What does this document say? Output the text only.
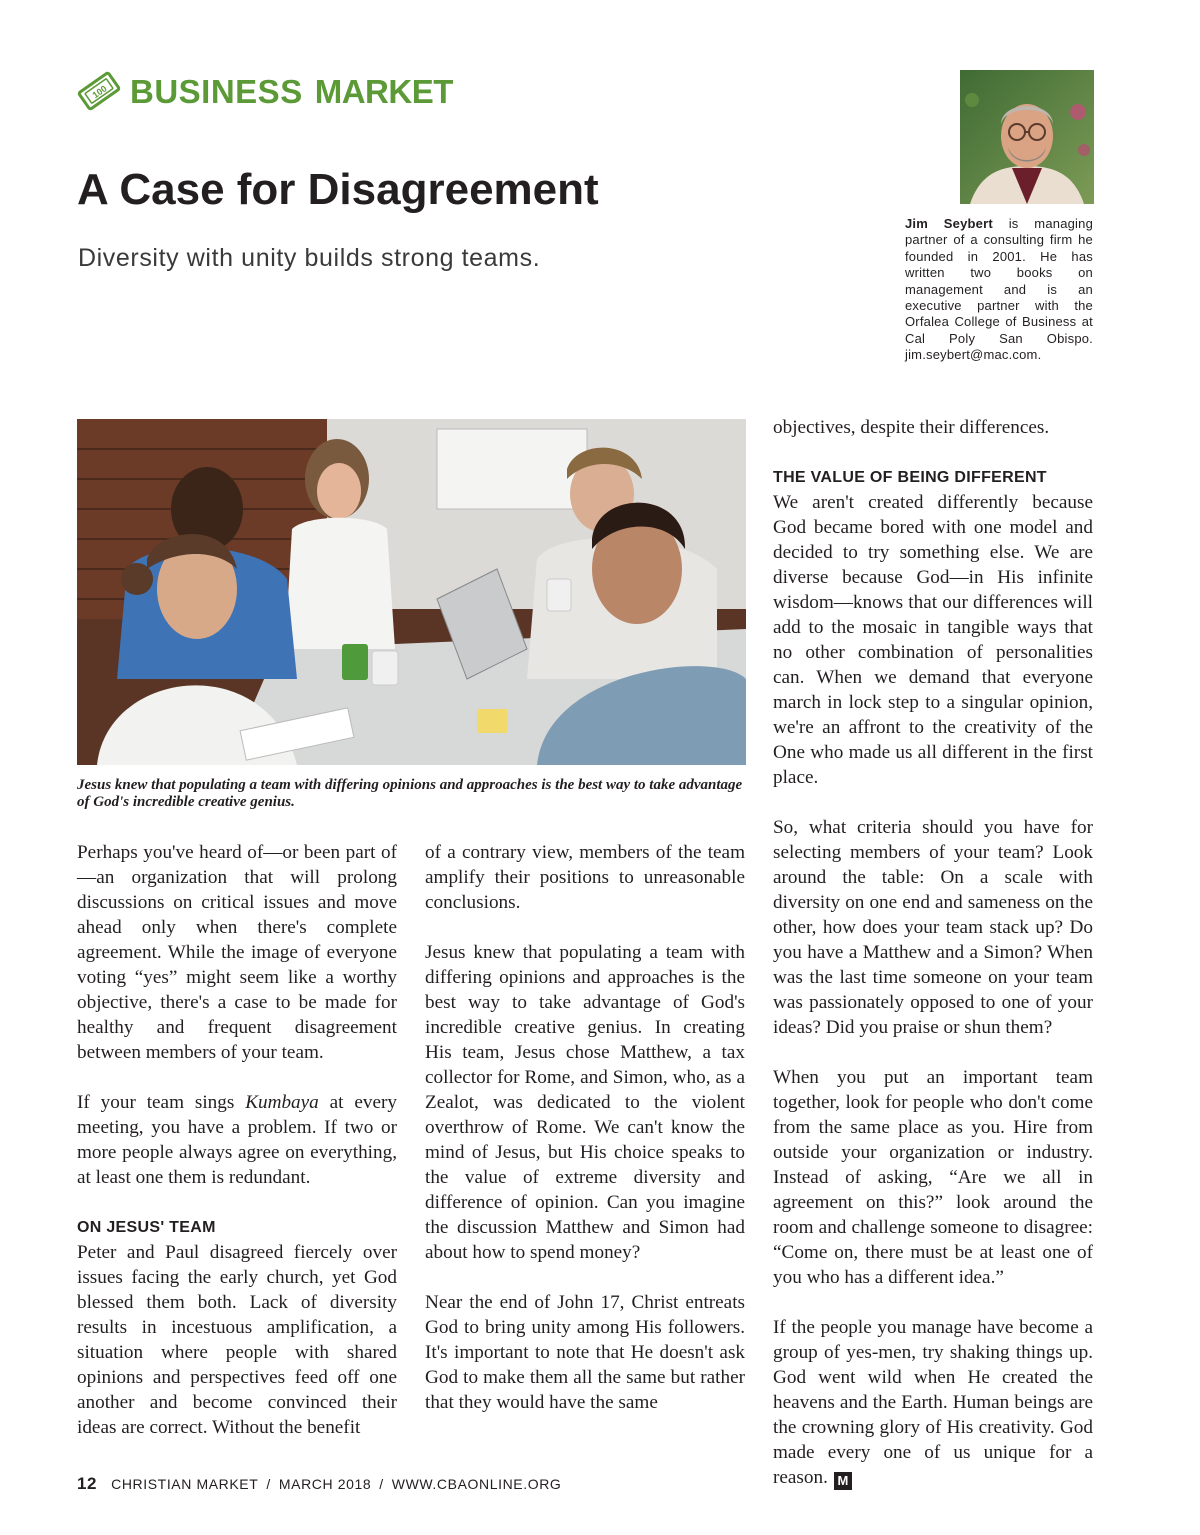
100 BUSINESS MARKET
A Case for Disagreement

Diversity with unity builds strong teams.

Jim Seybert is managing partner of a consulting firm he founded in 2001. He has written two books on management and is an executive partner with the Orfalea College of Business at Cal Poly San Obispo. jim.seybert@mac.com.

Jesus knew that populating a team with differing opinions and approaches is the best way to take advantage of God's incredible creative genius.

Perhaps you've heard of—or been part of—an organization that will prolong discussions on critical issues and move ahead only when there's complete agreement. While the image of everyone voting “yes” might seem like a worthy objective, there's a case to be made for healthy and frequent disagreement between members of your team.

If your team sings Kumbaya at every meeting, you have a problem. If two or more people always agree on everything, at least one them is redundant.

ON JESUS' TEAM

Peter and Paul disagreed fiercely over issues facing the early church, yet God blessed them both. Lack of diversity results in incestuous amplification, a situation where people with shared opinions and perspectives feed off one another and become convinced their ideas are correct. Without the benefit

of a contrary view, members of the team amplify their positions to unreasonable conclusions.

Jesus knew that populating a team with differing opinions and approaches is the best way to take advantage of God's incredible creative genius. In creating His team, Jesus chose Matthew, a tax collector for Rome, and Simon, who, as a Zealot, was dedicated to the violent overthrow of Rome. We can't know the mind of Jesus, but His choice speaks to the value of extreme diversity and difference of opinion. Can you imagine the discussion Matthew and Simon had about how to spend money?

Near the end of John 17, Christ entreats God to bring unity among His followers. It's important to note that He doesn't ask God to make them all the same but rather that they would have the same

objectives, despite their differences.

THE VALUE OF BEING DIFFERENT

We aren't created differently because God became bored with one model and decided to try something else. We are diverse because God—in His infinite wisdom—knows that our differences will add to the mosaic in tangible ways that no other combination of personalities can. When we demand that everyone march in lock step to a singular opinion, we're an affront to the creativity of the One who made us all different in the first place.

So, what criteria should you have for selecting members of your team? Look around the table: On a scale with diversity on one end and sameness on the other, how does your team stack up? Do you have a Matthew and a Simon? When was the last time someone on your team was passionately opposed to one of your ideas? Did you praise or shun them?

When you put an important team together, look for people who don't come from the same place as you. Hire from outside your organization or industry. Instead of asking, “Are we all in agreement on this?” look around the room and challenge someone to disagree: “Come on, there must be at least one of you who has a different idea.”

If the people you manage have become a group of yes-men, try shaking things up. God went wild when He created the heavens and the Earth. Human beings are the crowning glory of His creativity. God made every one of us unique for a reason. M

12 CHRISTIAN MARKET / MARCH 2018 / WWW.CBAONLINE.ORG
